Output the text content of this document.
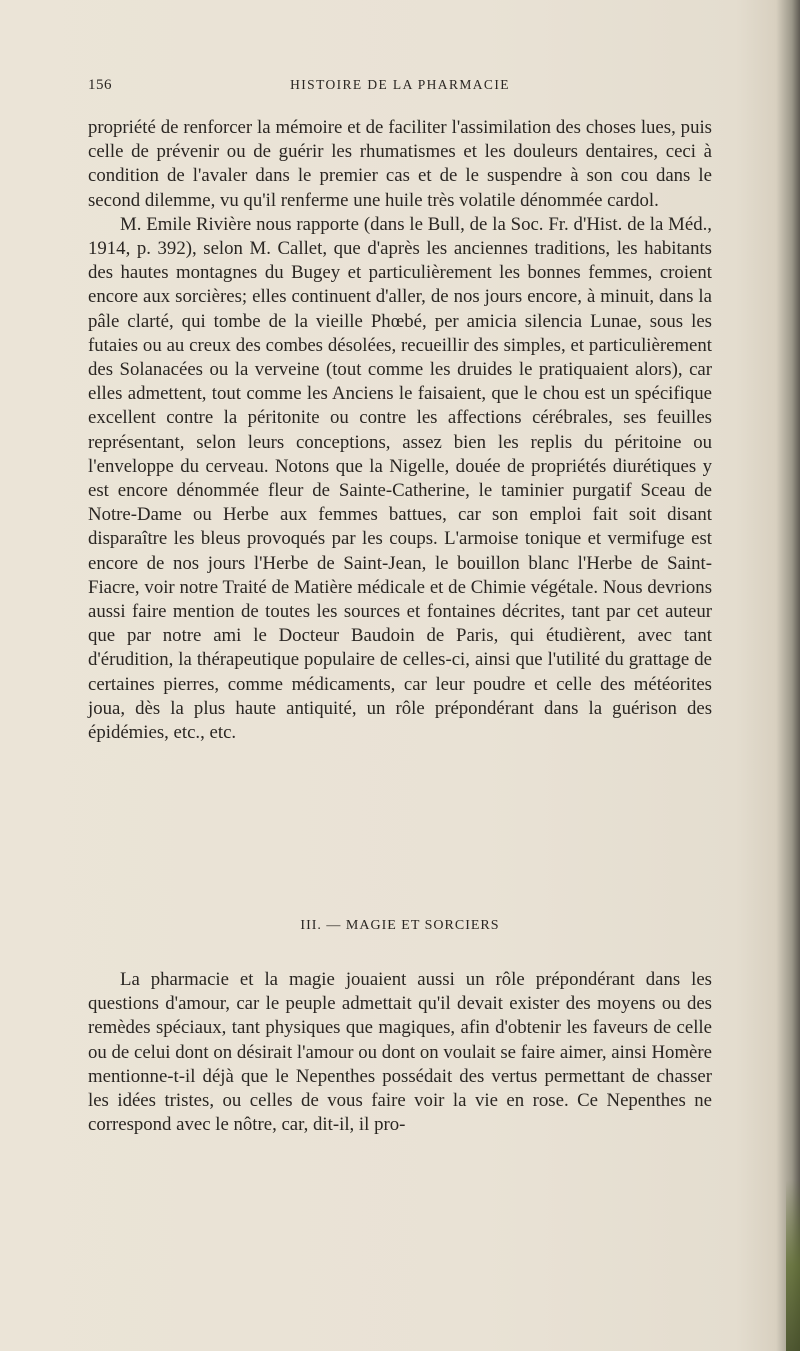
156	HISTOIRE DE LA PHARMACIE

propriété de renforcer la mémoire et de faciliter l'assimilation des choses lues, puis celle de prévenir ou de guérir les rhumatismes et les douleurs dentaires, ceci à condition de l'avaler dans le premier cas et de le suspendre à son cou dans le second dilemme, vu qu'il renferme une huile très volatile dénommée cardol.

M. Emile Rivière nous rapporte (dans le Bull, de la Soc. Fr. d'Hist. de la Méd., 1914, p. 392), selon M. Callet, que d'après les anciennes traditions, les habitants des hautes montagnes du Bugey et particulièrement les bonnes femmes, croient encore aux sorcières; elles continuent d'aller, de nos jours encore, à minuit, dans la pâle clarté, qui tombe de la vieille Phœbé, per amicia silencia Lunae, sous les futaies ou au creux des combes désolées, recueillir des simples, et particulièrement des Solanacées ou la verveine (tout comme les druides le pratiquaient alors), car elles admettent, tout comme les Anciens le faisaient, que le chou est un spécifique excellent contre la péritonite ou contre les affections cérébrales, ses feuilles représentant, selon leurs conceptions, assez bien les replis du péritoine ou l'enveloppe du cerveau. Notons que la Nigelle, douée de propriétés diurétiques y est encore dénommée fleur de Sainte-Catherine, le taminier purgatif Sceau de Notre-Dame ou Herbe aux femmes battues, car son emploi fait soit disant disparaître les bleus provoqués par les coups. L'armoise tonique et vermifuge est encore de nos jours l'Herbe de Saint-Jean, le bouillon blanc l'Herbe de Saint-Fiacre, voir notre Traité de Matière médicale et de Chimie végétale. Nous devrions aussi faire mention de toutes les sources et fontaines décrites, tant par cet auteur que par notre ami le Docteur Baudoin de Paris, qui étudièrent, avec tant d'érudition, la thérapeutique populaire de celles-ci, ainsi que l'utilité du grattage de certaines pierres, comme médicaments, car leur poudre et celle des météorites joua, dès la plus haute antiquité, un rôle prépondérant dans la guérison des épidémies, etc., etc.

III. — MAGIE ET SORCIERS

La pharmacie et la magie jouaient aussi un rôle prépondérant dans les questions d'amour, car le peuple admettait qu'il devait exister des moyens ou des remèdes spéciaux, tant physiques que magiques, afin d'obtenir les faveurs de celle ou de celui dont on désirait l'amour ou dont on voulait se faire aimer, ainsi Homère mentionne-t-il déjà que le Nepenthes possédait des vertus permettant de chasser les idées tristes, ou celles de vous faire voir la vie en rose. Ce Nepenthes ne correspond avec le nôtre, car, dit-il, il pro-
